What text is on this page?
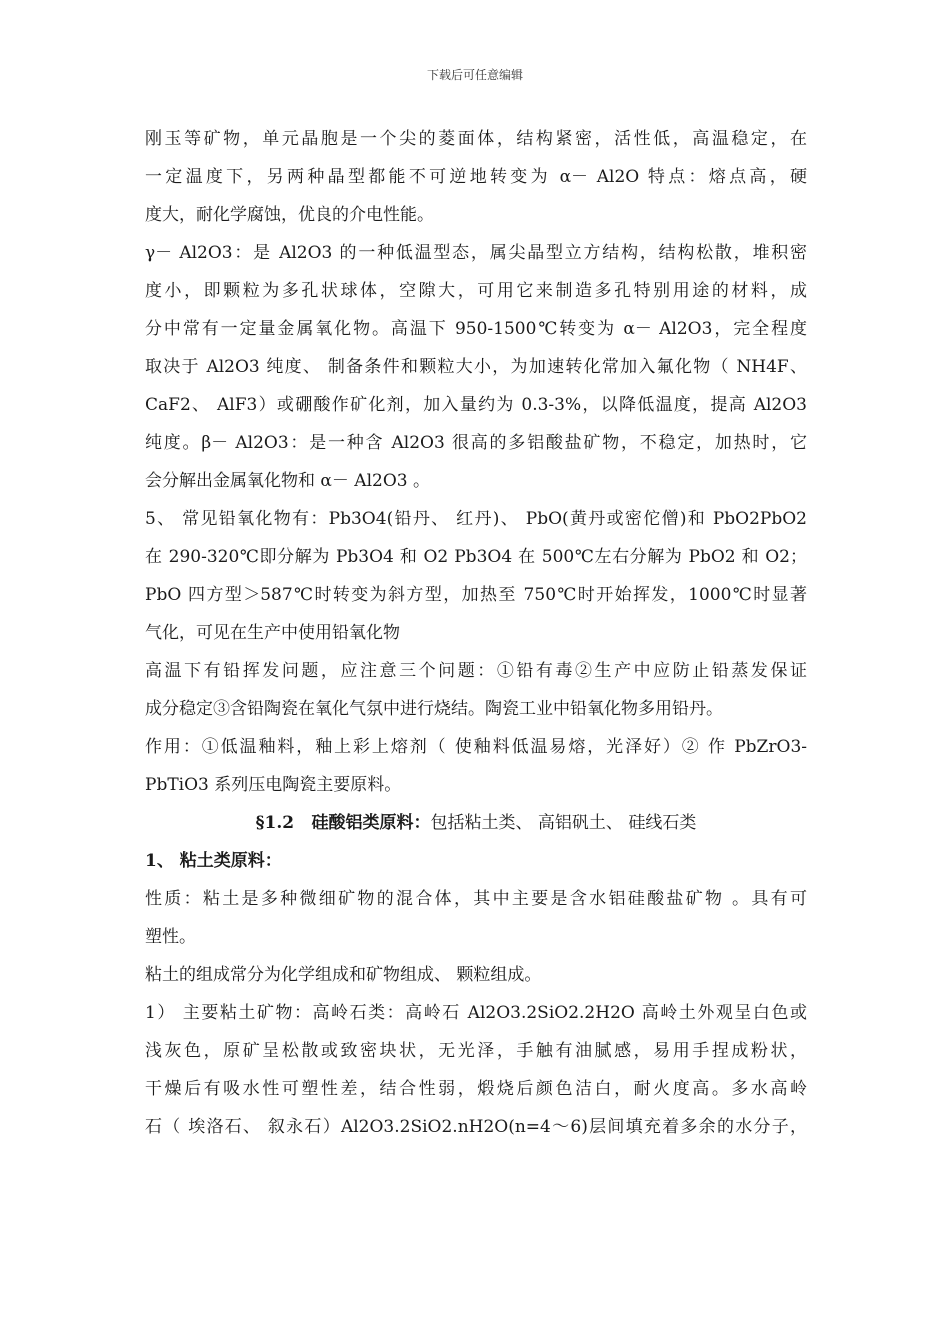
下载后可任意编辑
刚玉等矿物，单元晶胞是一个尖的菱面体，结构紧密，活性低，高温稳定，在
一定温度下，另两种晶型都能不可逆地转变为 α－ Al2O 特点：熔点高，硬
度大，耐化学腐蚀，优良的介电性能。
γ－ Al2O3：是 Al2O3 的一种低温型态，属尖晶型立方结构，结构松散，堆积密
度小，即颗粒为多孔状球体，空隙大，可用它来制造多孔特别用途的材料，成
分中常有一定量金属氧化物。高温下 950-1500℃转变为 α－ Al2O3，完全程度
取决于 Al2O3 纯度、 制备条件和颗粒大小，为加速转化常加入氟化物（ NH4F、
CaF2、 AlF3）或硼酸作矿化剂，加入量约为 0.3-3%，以降低温度，提高 Al2O3
纯度。β－ Al2O3：是一种含 Al2O3 很高的多铝酸盐矿物，不稳定，加热时，它
会分解出金属氧化物和 α－ Al2O3 。
5、 常见铅氧化物有：Pb3O4(铅丹、 红丹)、 PbO(黄丹或密佗僧)和 PbO2PbO2
在 290-320℃即分解为 Pb3O4 和 O2 Pb3O4 在 500℃左右分解为 PbO2 和 O2；
PbO 四方型＞587℃时转变为斜方型，加热至 750℃时开始挥发，1000℃时显著
气化，可见在生产中使用铅氧化物
高温下有铅挥发问题，应注意三个问题：①铅有毒②生产中应防止铅蒸发保证
成分稳定③含铅陶瓷在氧化气氛中进行烧结。陶瓷工业中铅氧化物多用铅丹。
作用：①低温釉料，釉上彩上熔剂（ 使釉料低温易熔，光泽好）② 作 PbZrO3-
PbTiO3 系列压电陶瓷主要原料。
§1.2 硅酸铝类原料：包括粘土类、 高铝矾土、 硅线石类
1、 粘土类原料：
性质：粘土是多种微细矿物的混合体，其中主要是含水铝硅酸盐矿物 。具有可
塑性。
粘土的组成常分为化学组成和矿物组成、 颗粒组成。
1） 主要粘土矿物：高岭石类：高岭石 Al2O3.2SiO2.2H2O 高岭土外观呈白色或
浅灰色，原矿呈松散或致密块状，无光泽，手触有油腻感，易用手捏成粉状，
干燥后有吸水性可塑性差，结合性弱，煅烧后颜色洁白，耐火度高。多水高岭
石（ 埃洛石、 叙永石）Al2O3.2SiO2.nH2O(n=4～6)层间填充着多余的水分子，
